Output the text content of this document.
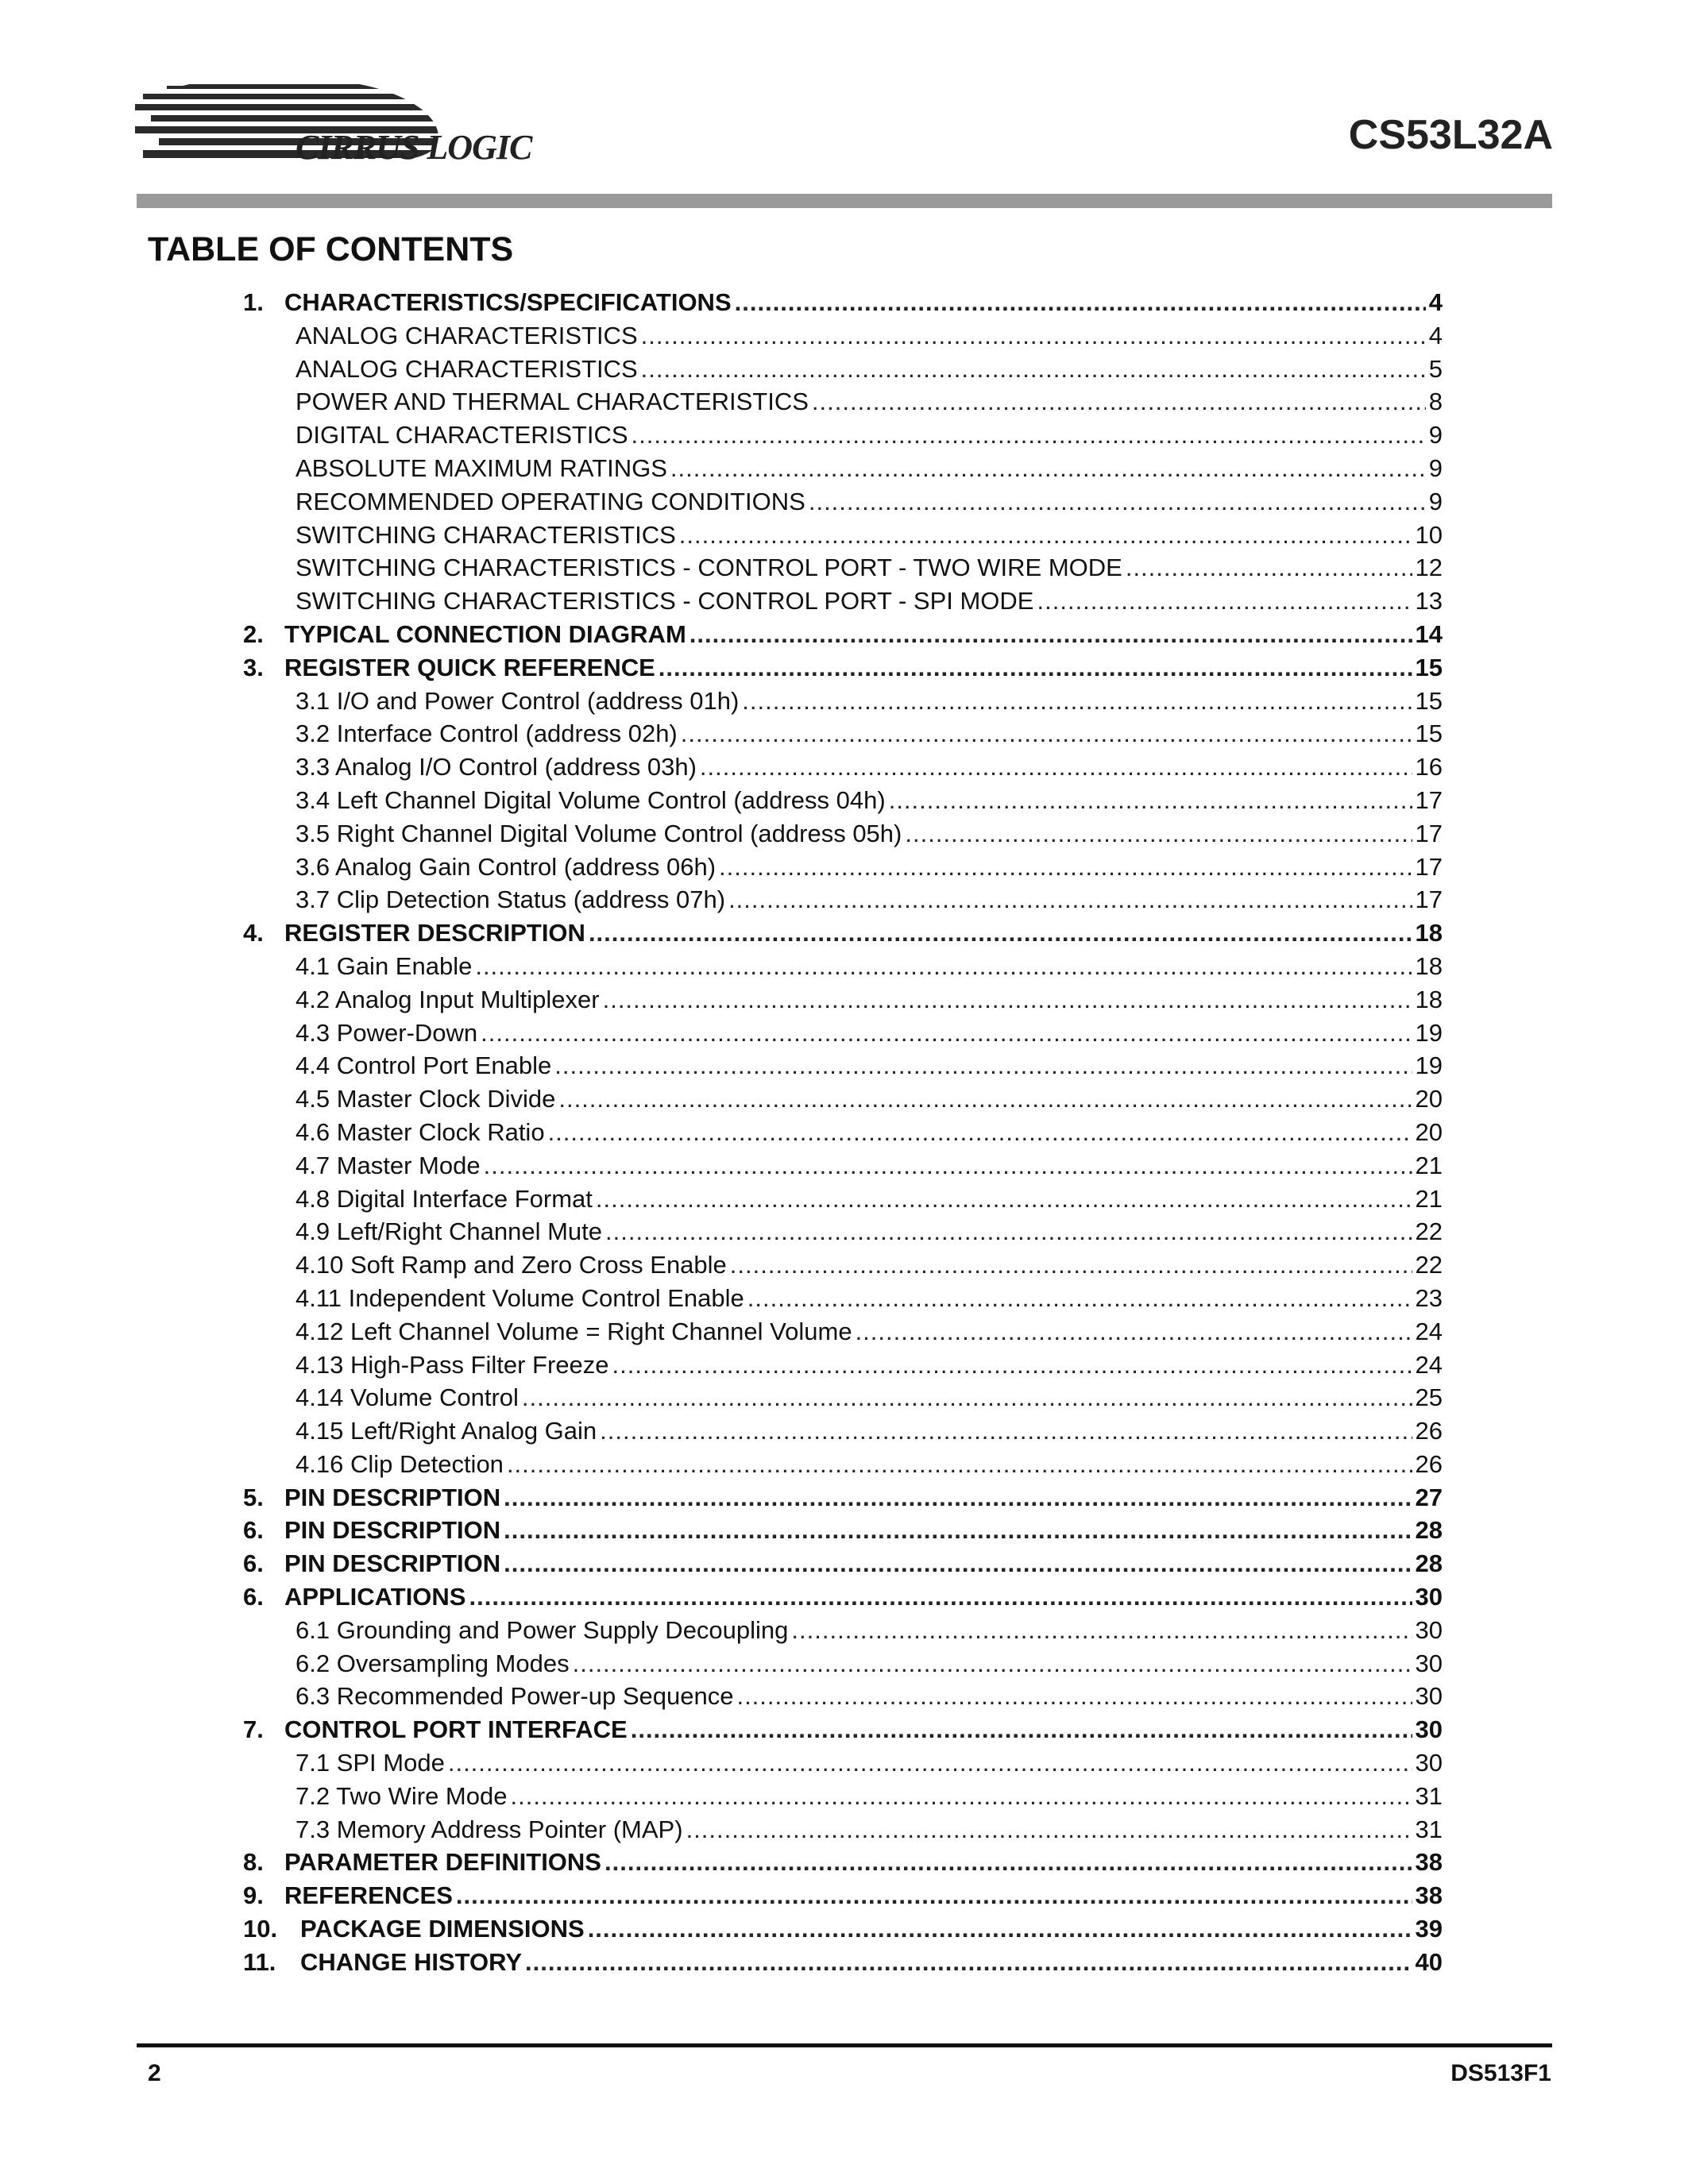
CIRRUS LOGIC	CS53L32A
TABLE OF CONTENTS
1. CHARACTERISTICS/SPECIFICATIONS .....	4
ANALOG CHARACTERISTICS .....	4
ANALOG CHARACTERISTICS .....	5
POWER AND THERMAL CHARACTERISTICS .....	8
DIGITAL CHARACTERISTICS .....	9
ABSOLUTE MAXIMUM RATINGS .....	9
RECOMMENDED OPERATING CONDITIONS .....	9
SWITCHING CHARACTERISTICS .....	10
SWITCHING CHARACTERISTICS - CONTROL PORT - TWO WIRE MODE .....	12
SWITCHING CHARACTERISTICS - CONTROL PORT - SPI MODE .....	13
2. TYPICAL CONNECTION DIAGRAM .....	14
3. REGISTER QUICK REFERENCE .....	15
3.1 I/O and Power Control (address 01h) .....	15
3.2 Interface Control (address 02h) .....	15
3.3 Analog I/O Control (address 03h) .....	16
3.4 Left Channel Digital Volume Control (address 04h) .....	17
3.5 Right Channel Digital Volume Control (address 05h) .....	17
3.6 Analog Gain Control (address 06h) .....	17
3.7 Clip Detection Status (address 07h) .....	17
4. REGISTER DESCRIPTION .....	18
4.1 Gain Enable .....	18
4.2 Analog Input Multiplexer .....	18
4.3 Power-Down .....	19
4.4 Control Port Enable .....	19
4.5 Master Clock Divide .....	20
4.6 Master Clock Ratio .....	20
4.7 Master Mode .....	21
4.8 Digital Interface Format .....	21
4.9 Left/Right Channel Mute .....	22
4.10 Soft Ramp and Zero Cross Enable .....	22
4.11 Independent Volume Control Enable .....	23
4.12 Left Channel Volume = Right Channel Volume .....	24
4.13 High-Pass Filter Freeze .....	24
4.14 Volume Control .....	25
4.15 Left/Right Analog Gain .....	26
4.16 Clip Detection .....	26
5. PIN DESCRIPTION .....	27
6. PIN DESCRIPTION .....	28
6. PIN DESCRIPTION .....	28
6. APPLICATIONS .....	30
6.1 Grounding and Power Supply Decoupling .....	30
6.2 Oversampling Modes .....	30
6.3 Recommended Power-up Sequence .....	30
7. CONTROL PORT INTERFACE .....	30
7.1 SPI Mode .....	30
7.2 Two Wire Mode .....	31
7.3 Memory Address Pointer (MAP) .....	31
8. PARAMETER DEFINITIONS .....	38
9. REFERENCES .....	38
10. PACKAGE DIMENSIONS .....	39
11. CHANGE HISTORY .....	40
2	DS513F1
